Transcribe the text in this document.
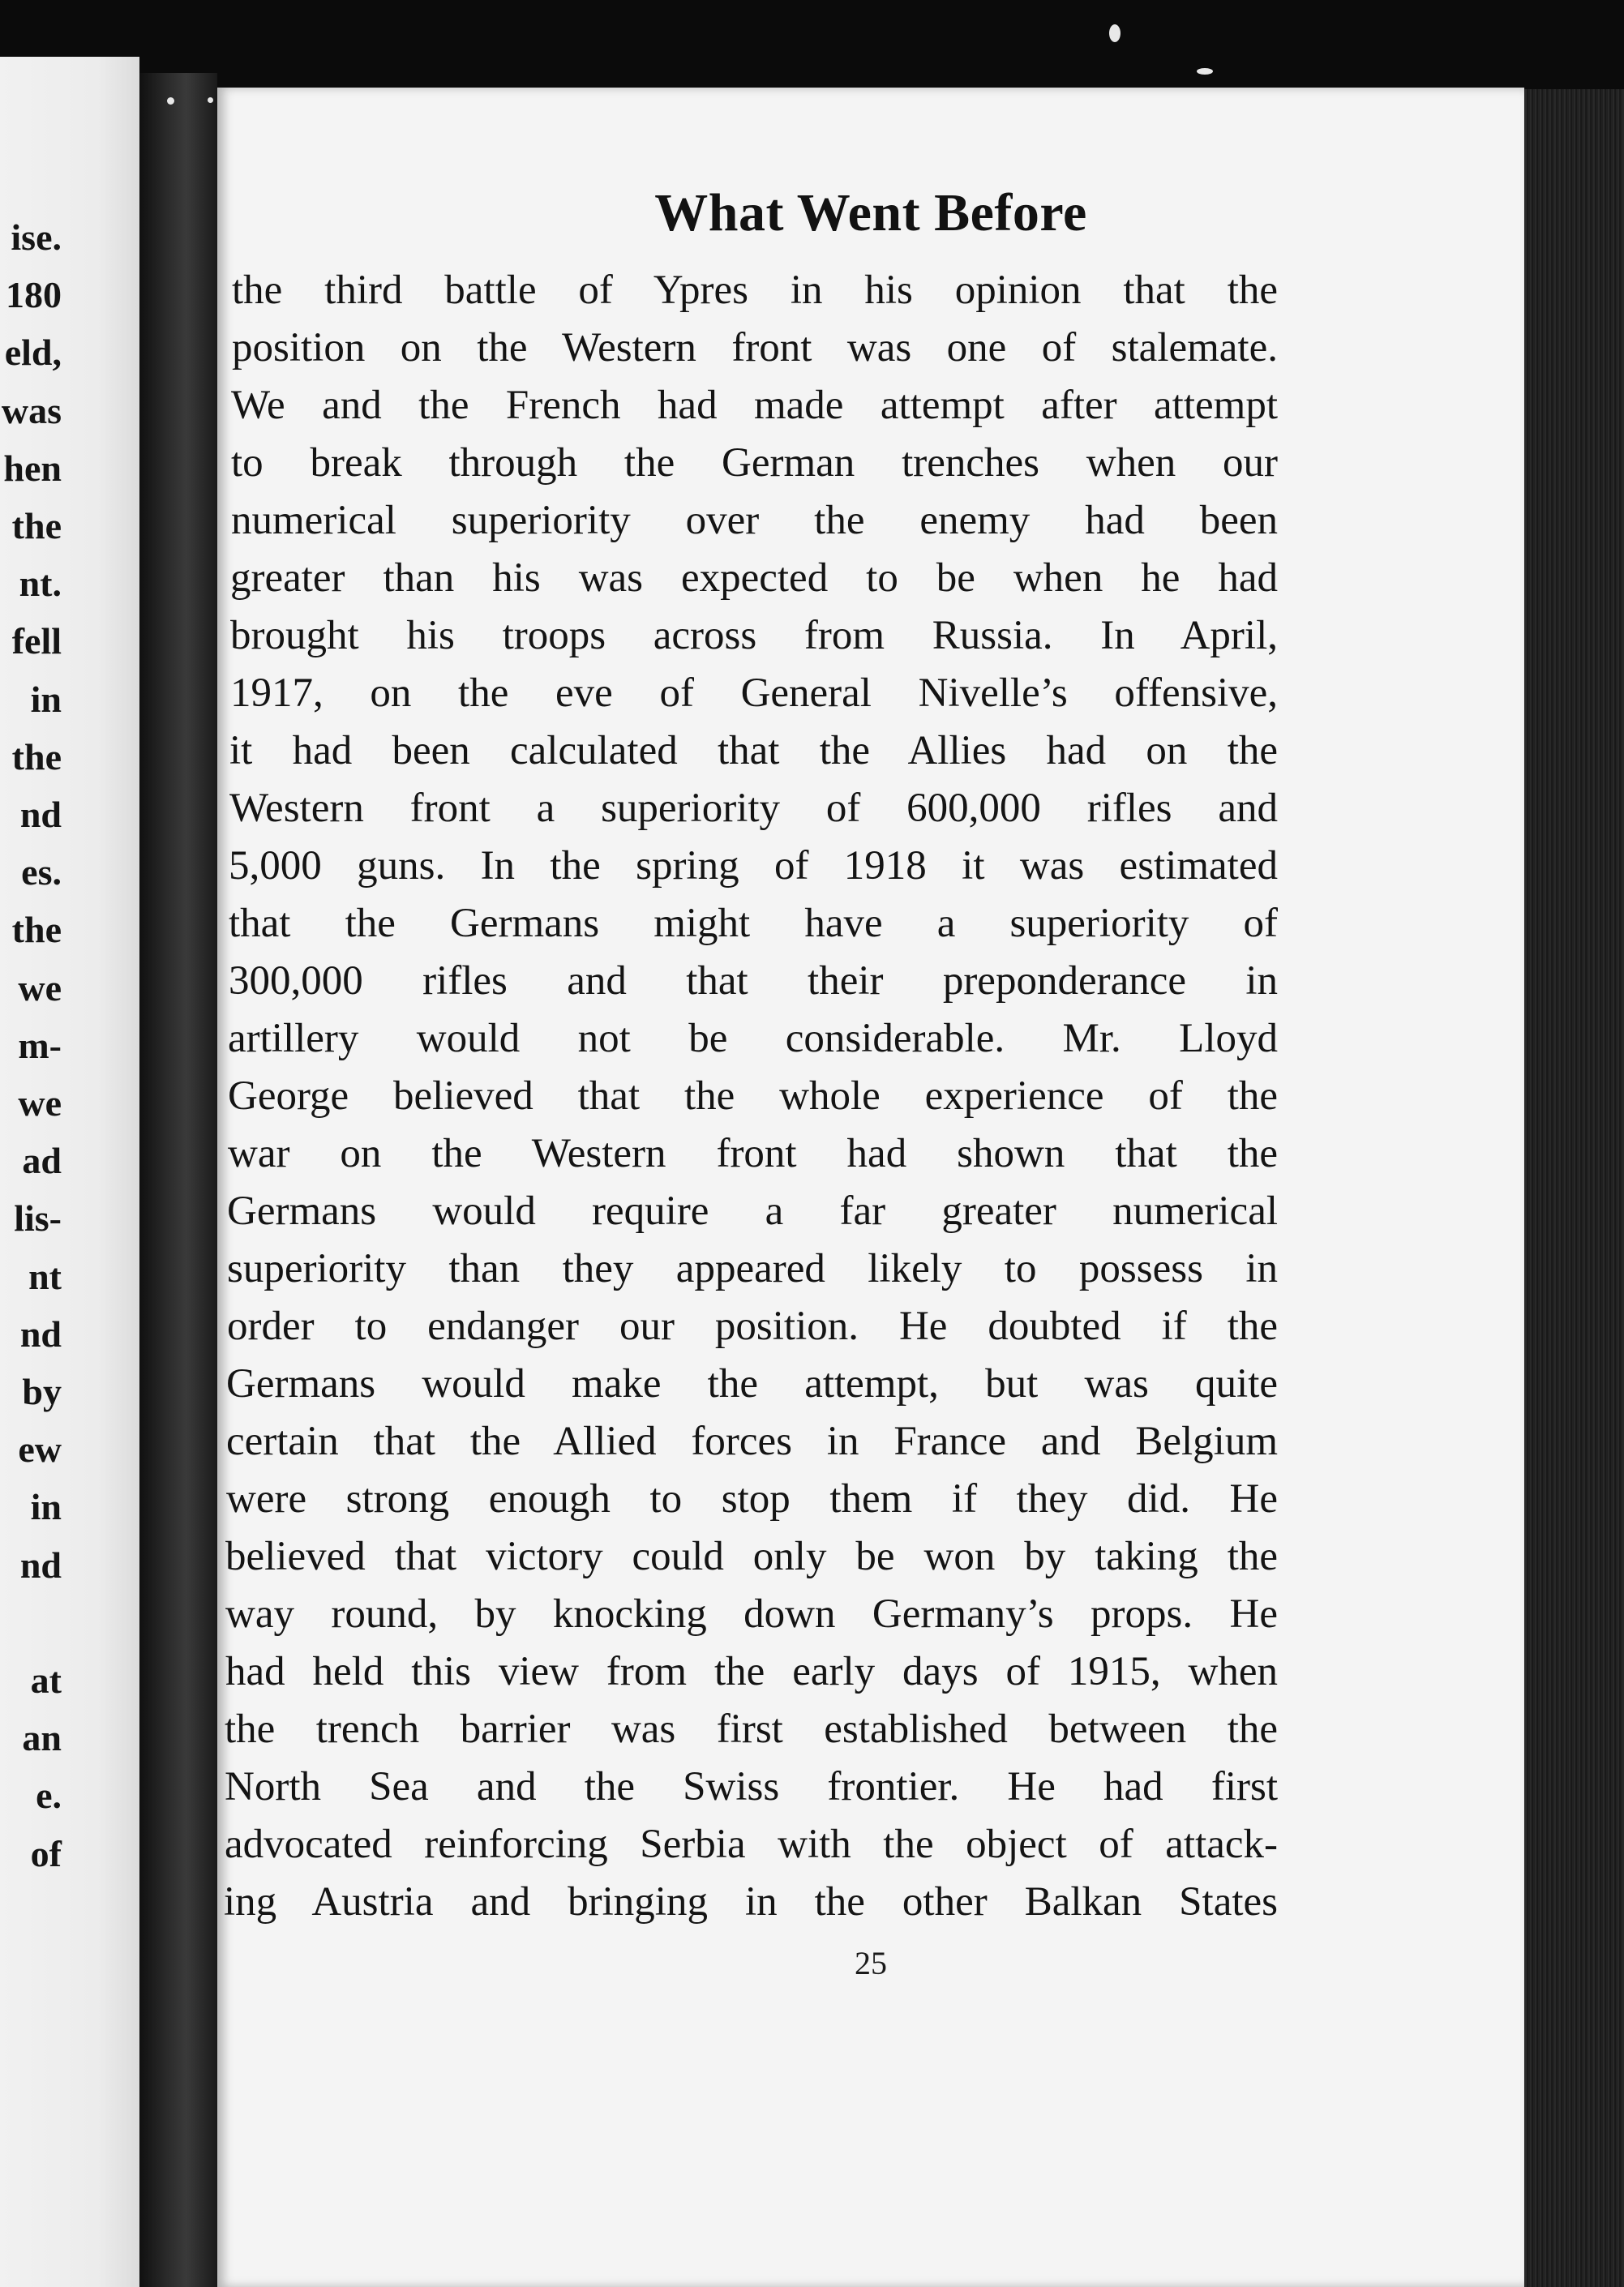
ise.
180
eld,
was
hen
the
nt.
fell
in
the
nd
es.
the
we
m-
we
ad
lis-
nt
nd
by
ew
in
nd
at
an
e.
of
What Went Before
the third battle of Ypres in his opinion that the
position on the Western front was one of stalemate.
We and the French had made attempt after attempt
to break through the German trenches when our
numerical superiority over the enemy had been
greater than his was expected to be when he had
brought his troops across from Russia. In April,
1917, on the eve of General Nivelle’s offensive,
it had been calculated that the Allies had on the
Western front a superiority of 600,000 rifles and
5,000 guns. In the spring of 1918 it was estimated
that the Germans might have a superiority of
300,000 rifles and that their preponderance in
artillery would not be considerable. Mr. Lloyd
George believed that the whole experience of the
war on the Western front had shown that the
Germans would require a far greater numerical
superiority than they appeared likely to possess in
order to endanger our position. He doubted if the
Germans would make the attempt, but was quite
certain that the Allied forces in France and Belgium
were strong enough to stop them if they did. He
believed that victory could only be won by taking the
way round, by knocking down Germany’s props. He
had held this view from the early days of 1915, when
the trench barrier was first established between the
North Sea and the Swiss frontier. He had first
advocated reinforcing Serbia with the object of attack-
ing Austria and bringing in the other Balkan States
25
